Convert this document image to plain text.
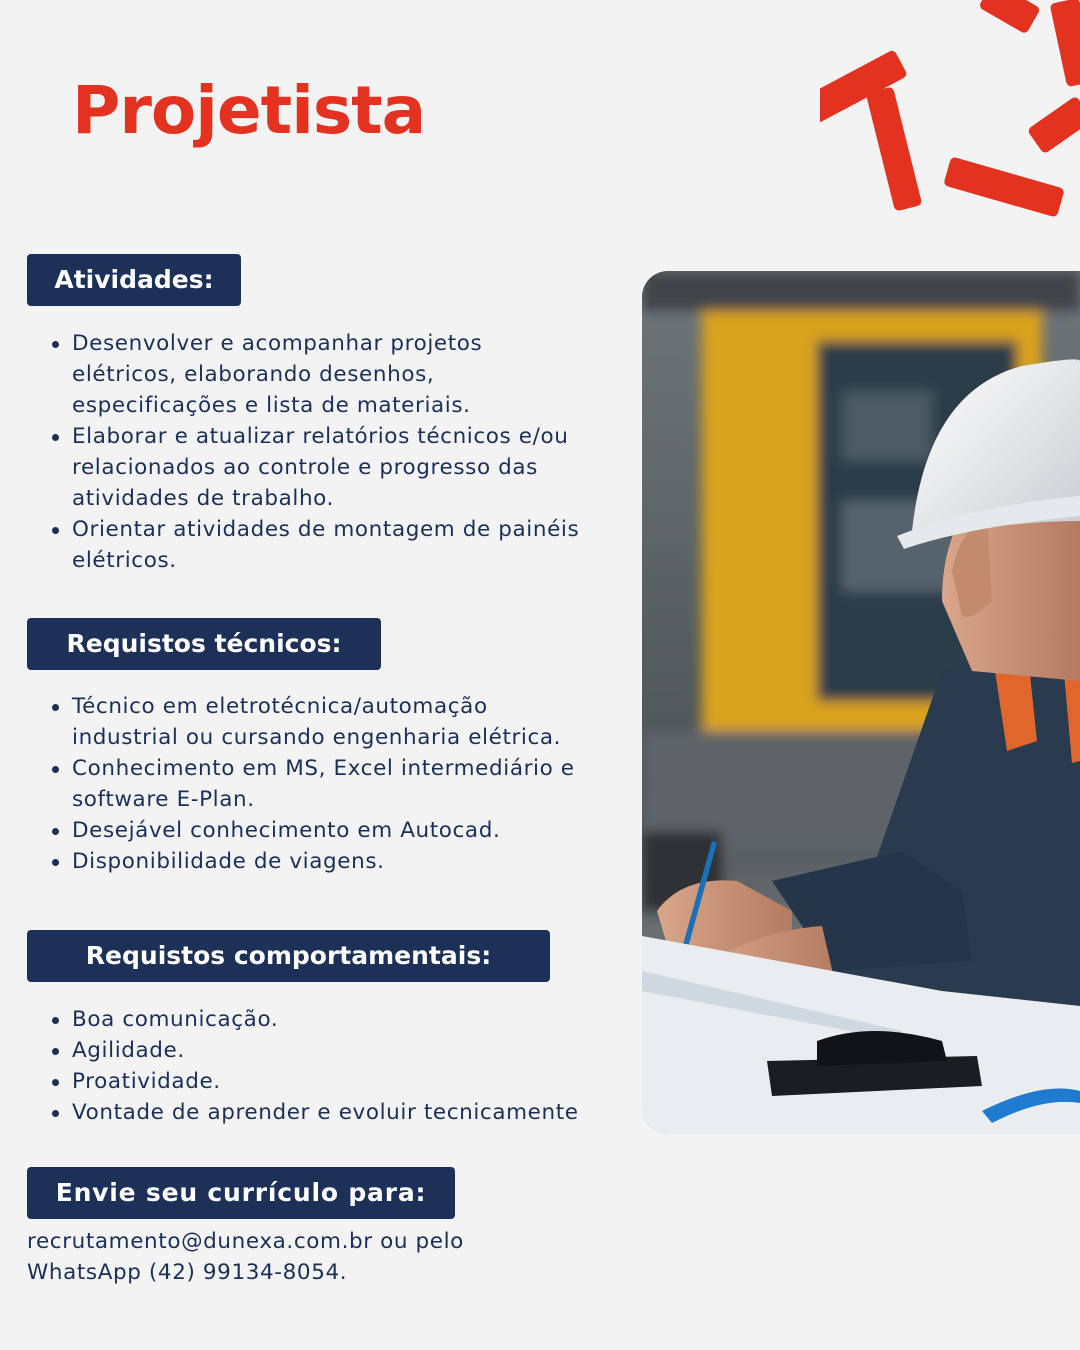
Projetista
Atividades:
Desenvolver e acompanhar projetos
elétricos, elaborando desenhos,
especificações e lista de materiais.
Elaborar e atualizar relatórios técnicos e/ou
relacionados ao controle e progresso das
atividades de trabalho.
Orientar atividades de montagem de painéis
elétricos.
Requistos técnicos:
Técnico em eletrotécnica/automação
industrial ou cursando engenharia elétrica.
Conhecimento em MS, Excel intermediário e
software E-Plan.
Desejável conhecimento em Autocad.
Disponibilidade de viagens.
Requistos comportamentais:
Boa comunicação.
Agilidade.
Proatividade.
Vontade de aprender e evoluir tecnicamente
Envie seu currículo para:

recrutamento@dunexa.com.br ou pelo
WhatsApp (42) 99134-8054.
